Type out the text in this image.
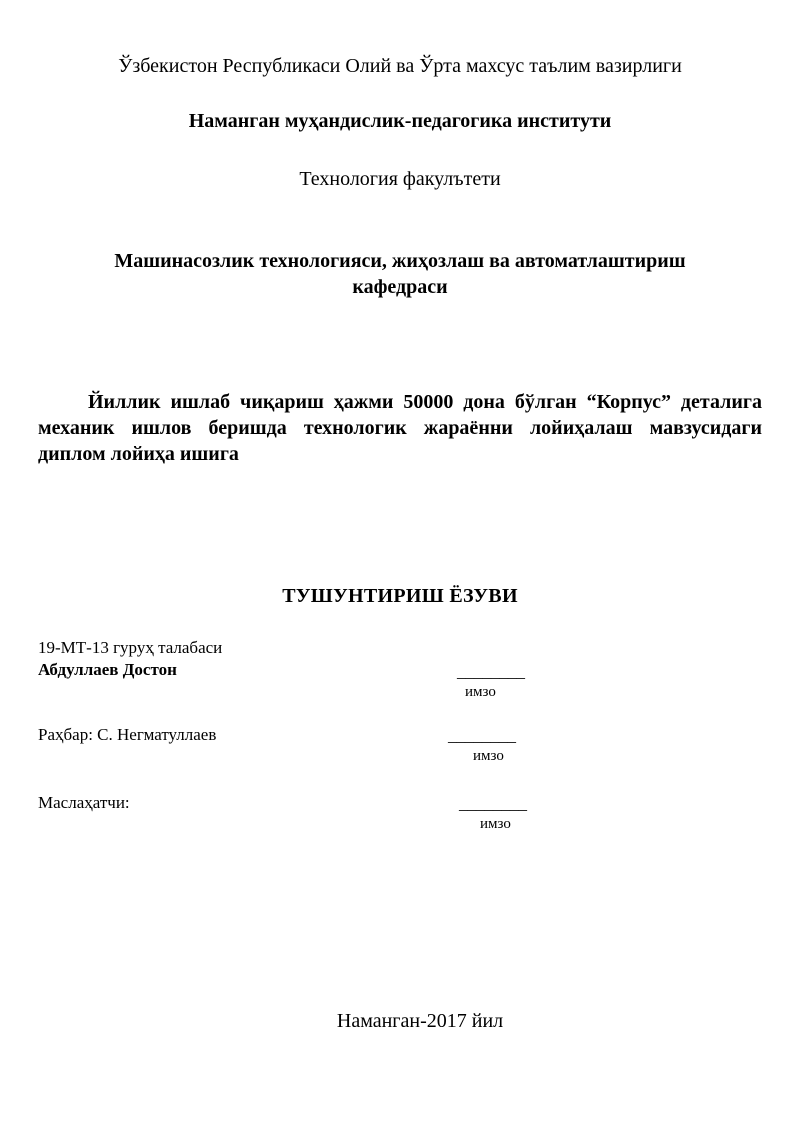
Ўзбекистон Республикаси Олий ва Ўрта махсус таълим вазирлиги
Наманган муҳандислик-педагогика институти
Технология факулътети
Машинасозлик технологияси, жиҳозлаш ва автоматлаштириш кафедраси
Йиллик ишлаб чиқариш ҳажми 50000 дона бўлган “Корпус” деталига механик ишлов беришда технологик жараённи лойиҳалаш мавзусидаги диплом лойиҳа ишига
ТУШУНТИРИШ ЁЗУВИ
19-МТ-13 гуруҳ талабаси
Абдуллаев Достон	________
имзо
Раҳбар: С. Негматуллаев	________
имзо
Маслаҳатчи:	________
имзо
Наманган-2017 йил
